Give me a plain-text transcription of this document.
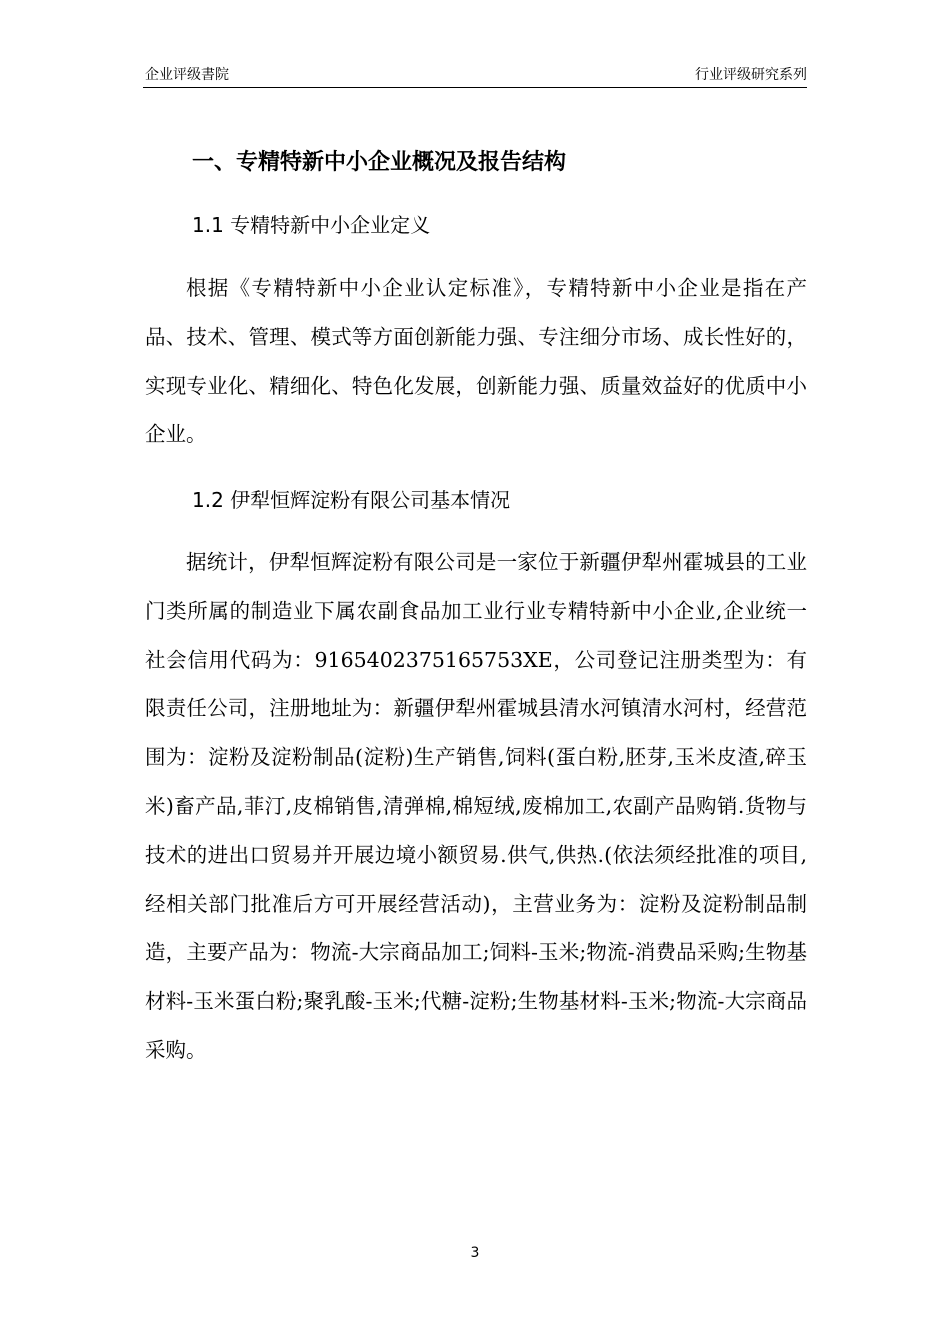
企业评级書院	行业评级研究系列
一、专精特新中小企业概况及报告结构
1.1 专精特新中小企业定义
1.2 伊犁恒辉淀粉有限公司基本情况

根据《专精特新中小企业认定标准》，专精特新中小企业是指在产品、技术、管理、模式等方面创新能力强、专注细分市场、成长性好的，实现专业化、精细化、特色化发展，创新能力强、质量效益好的优质中小企业。

据统计，伊犁恒辉淀粉有限公司是一家位于新疆伊犁州霍城县的工业门类所属的制造业下属农副食品加工业行业专精特新中小企业,企业统一社会信用代码为：9165402375165753XE，公司登记注册类型为：有限责任公司，注册地址为：新疆伊犁州霍城县清水河镇清水河村，经营范围为：淀粉及淀粉制品(淀粉)生产销售,饲料(蛋白粉,胚芽,玉米皮渣,碎玉米)畜产品,菲汀,皮棉销售,清弹棉,棉短绒,废棉加工,农副产品购销.货物与技术的进出口贸易并开展边境小额贸易.供气,供热.(依法须经批准的项目,经相关部门批准后方可开展经营活动)，主营业务为：淀粉及淀粉制品制造，主要产品为：物流-大宗商品加工;饲料-玉米;物流-消费品采购;生物基材料-玉米蛋白粉;聚乳酸-玉米;代糖-淀粉;生物基材料-玉米;物流-大宗商品采购。

3
